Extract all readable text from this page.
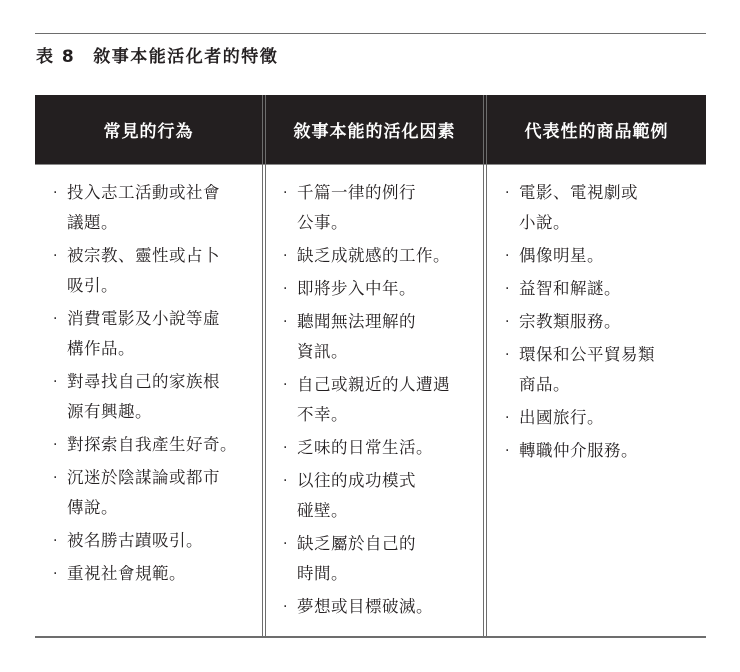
表 8 敘事本能活化者的特徵
常見的行為
· 投入志工活動或社會
議題。
· 被宗教、靈性或占卜
吸引。
· 消費電影及小說等虛
構作品。
· 對尋找自己的家族根
源有興趣。
· 對探索自我產生好奇。
· 沉迷於陰謀論或都市
傳說。
· 被名勝古蹟吸引。
· 重視社會規範。
敘事本能的活化因素
· 千篇一律的例行
公事。
· 缺乏成就感的工作。
· 即將步入中年。
· 聽聞無法理解的
資訊。
· 自己或親近的人遭遇
不幸。
· 乏味的日常生活。
· 以往的成功模式
碰壁。
· 缺乏屬於自己的
時間。
· 夢想或目標破滅。
代表性的商品範例
· 電影、電視劇或
小說。
· 偶像明星。
· 益智和解謎。
· 宗教類服務。
· 環保和公平貿易類
商品。
· 出國旅行。
· 轉職仲介服務。
